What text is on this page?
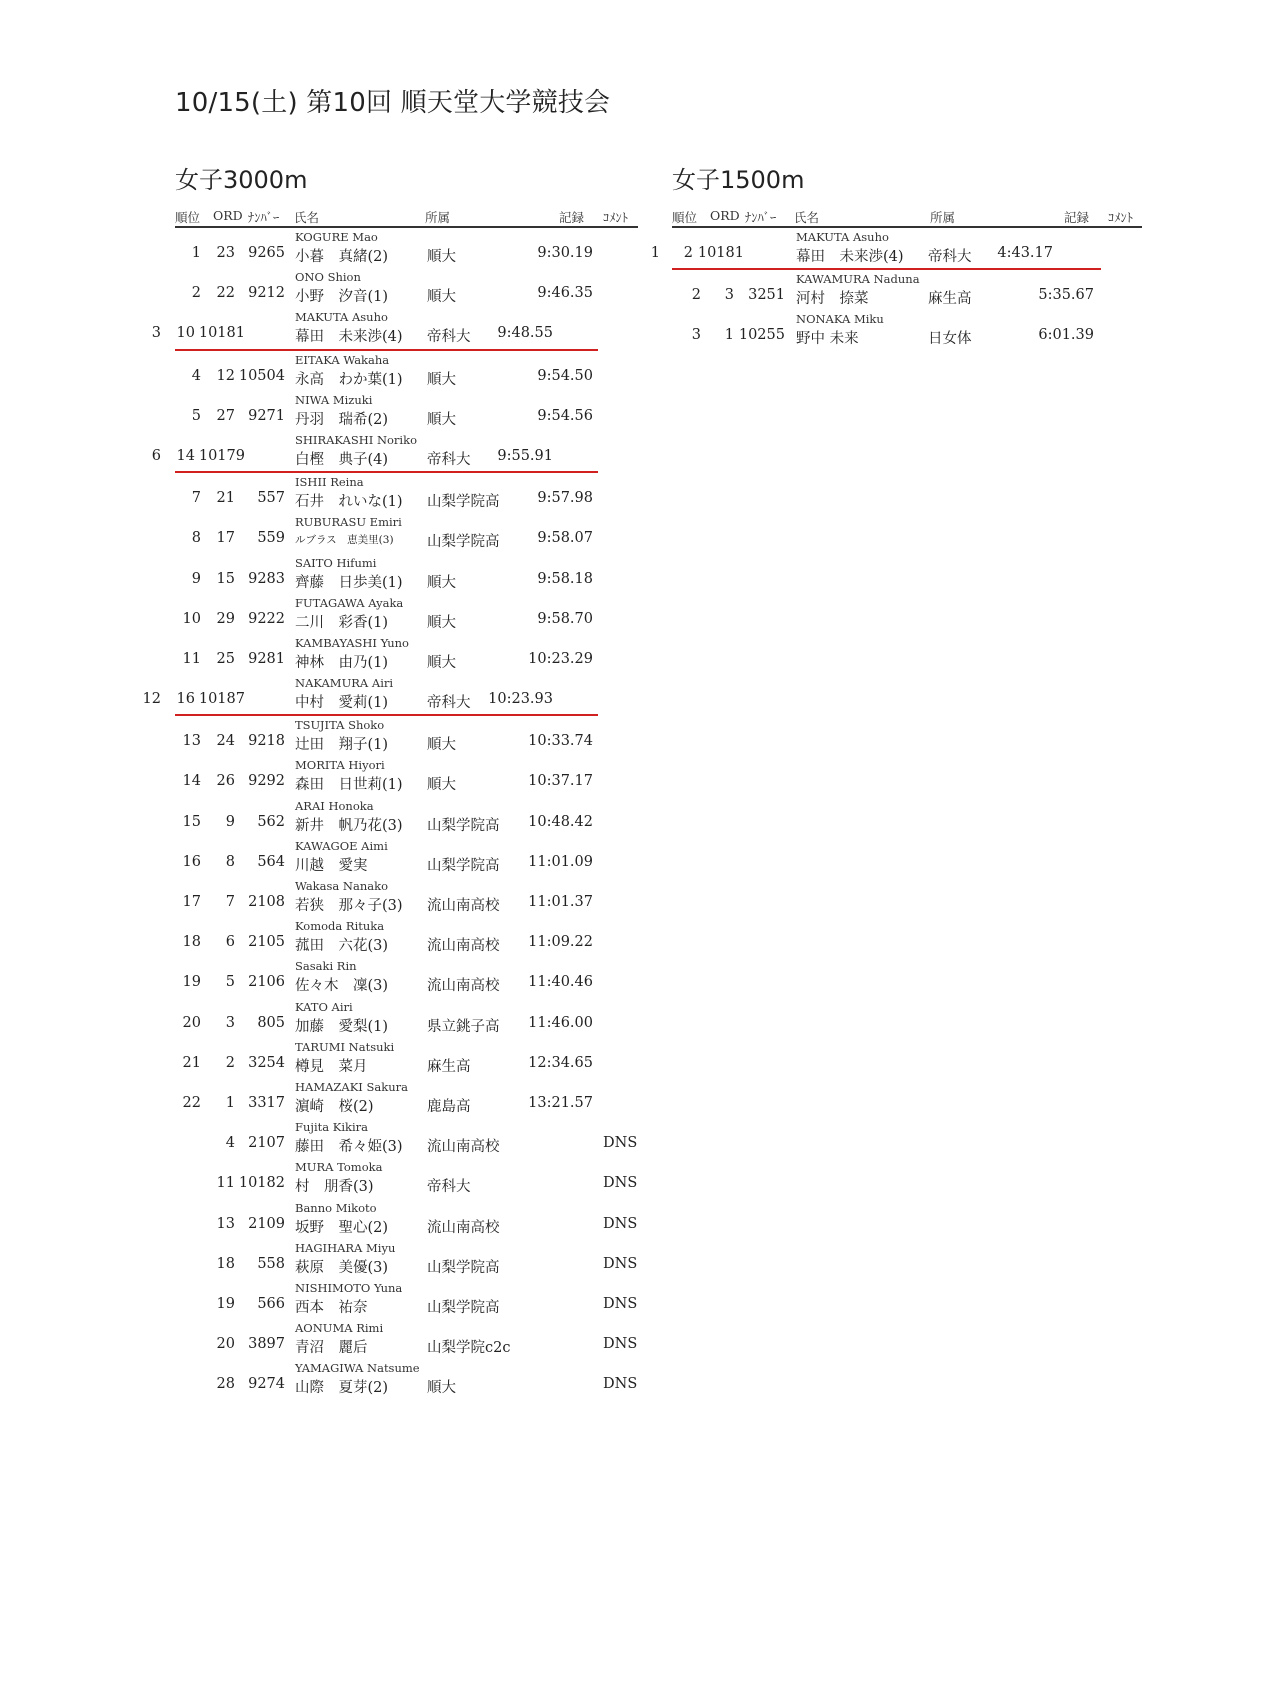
10/15(土) 第10回 順天堂大学競技会
女子3000m	女子1500m
順位 ORD ﾅﾝﾊﾞｰ 氏名	所属	記録 ｺﾒﾝﾄ
KOGURE Mao
1 23 9265 小暮　真緒(2)	順大	9:30.19
ONO Shion
2 22 9212 小野　汐音(1)	順大	9:46.35
MAKUTA Asuho
3 10 10181	幕田　未来渉(4) 帝科大 9:48.55
EITAKA Wakaha
4 12 10504 永高　わか葉(1) 順大	9:54.50
NIWA Mizuki
5 27 9271 丹羽　瑞希(2)	順大	9:54.56
SHIRAKASHI Noriko
6 14 10179	白樫　典子(4)	帝科大 9:55.91
ISHII Reina
7 21 557 石井　れいな(1) 山梨学院高	9:57.98
RUBURASU Emiri
8 17 559 ルブラス　恵美里(3) 山梨学院高	9:58.07
SAITO Hifumi
9 15 9283 齊藤　日歩美(1) 順大	9:58.18
FUTAGAWA Ayaka
10 29 9222 二川　彩香(1)	順大	9:58.70
KAMBAYASHI Yuno
11 25 9281 神林　由乃(1)	順大	10:23.29
NAKAMURA Airi
12 16 10187	中村　愛莉(1)	帝科大 10:23.93
TSUJITA Shoko
13 24 9218 辻田　翔子(1)	順大	10:33.74
MORITA Hiyori
14 26 9292 森田　日世莉(1) 順大	10:37.17
ARAI Honoka
15 9 562 新井　帆乃花(3) 山梨学院高 10:48.42
KAWAGOE Aimi
16 8 564 川越　愛実	山梨学院高 11:01.09
Wakasa Nanako
17 7 2108 若狭　那々子(3) 流山南高校 11:01.37
Komoda Rituka
18 6 2105 菰田　六花(3)	流山南高校 11:09.22
Sasaki Rin
19 5 2106 佐々木　凜(3)	流山南高校 11:40.46
KATO Airi
20 3 805 加藤　愛梨(1)	県立銚子高 11:46.00
TARUMI Natsuki
21 2 3254 樽見　菜月	麻生高	12:34.65
HAMAZAKI Sakura
22 1 3317 濵崎　桜(2)	鹿島高	13:21.57
Fujita Kikira
4 2107 藤田　希々姫(3) 流山南高校	DNS
MURA Tomoka
11 10182 村　朋香(3)	帝科大	DNS
Banno Mikoto
13 2109 坂野　聖心(2)	流山南高校	DNS
HAGIHARA Miyu
18 558 萩原　美優(3)	山梨学院高	DNS
NISHIMOTO Yuna
19 566 西本　祐奈	山梨学院高	DNS
AONUMA Rimi
20 3897 青沼　麗后	山梨学院c2c	DNS
YAMAGIWA Natsume
28 9274 山際　夏芽(2)	順大	DNS
順位 ORD ﾅﾝﾊﾞｰ 氏名	所属	記録 ｺﾒﾝﾄ
MAKUTA Asuho
1 2 10181	幕田　未来渉(4) 帝科大 4:43.17
KAWAMURA Naduna
2 3 3251 河村　捺菜	麻生高	5:35.67
NONAKA Miku
3 1 10255 野中 未来	日女体	6:01.39
